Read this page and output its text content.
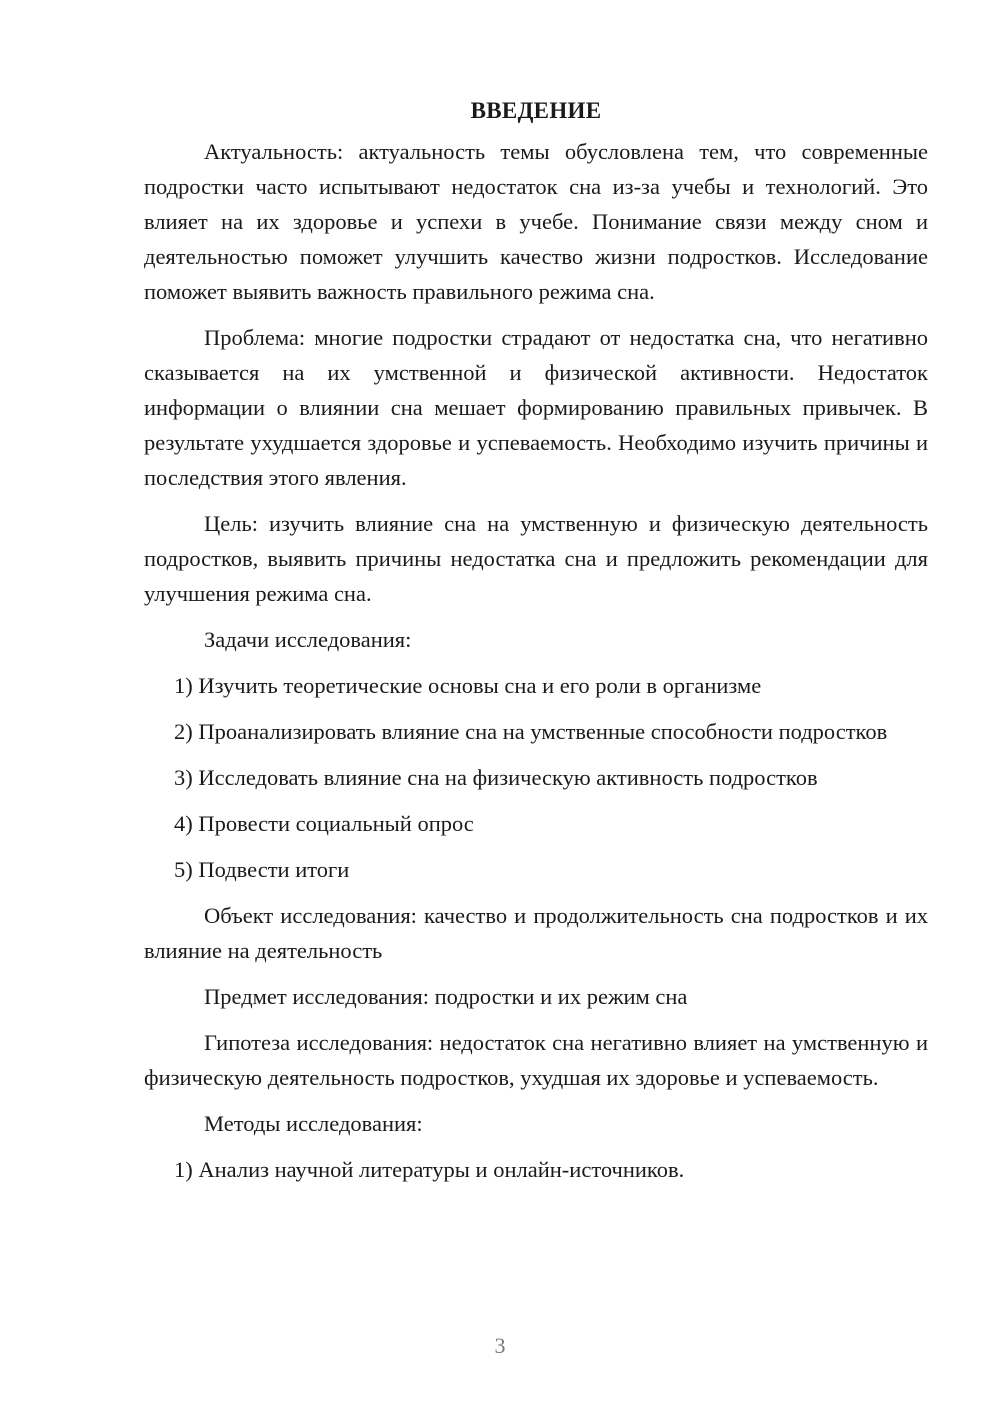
ВВЕДЕНИЕ

Актуальность: актуальность темы обусловлена тем, что современные подростки часто испытывают недостаток сна из-за учебы и технологий. Это влияет на их здоровье и успехи в учебе. Понимание связи между сном и деятельностью поможет улучшить качество жизни подростков. Исследование поможет выявить важность правильного режима сна.

Проблема: многие подростки страдают от недостатка сна, что негативно сказывается на их умственной и физической активности. Недостаток информации о влиянии сна мешает формированию правильных привычек. В результате ухудшается здоровье и успеваемость. Необходимо изучить причины и последствия этого явления.

Цель: изучить влияние сна на умственную и физическую деятельность подростков, выявить причины недостатка сна и предложить рекомендации для улучшения режима сна.

Задачи исследования:

1) Изучить теоретические основы сна и его роли в организме

2) Проанализировать влияние сна на умственные способности подростков

3) Исследовать влияние сна на физическую активность подростков

4) Провести социальный опрос

5) Подвести итоги

Объект исследования: качество и продолжительность сна подростков и их влияние на деятельность

Предмет исследования: подростки и их режим сна

Гипотеза исследования: недостаток сна негативно влияет на умственную и физическую деятельность подростков, ухудшая их здоровье и успеваемость.

Методы исследования:

1) Анализ научной литературы и онлайн-источников.

3
